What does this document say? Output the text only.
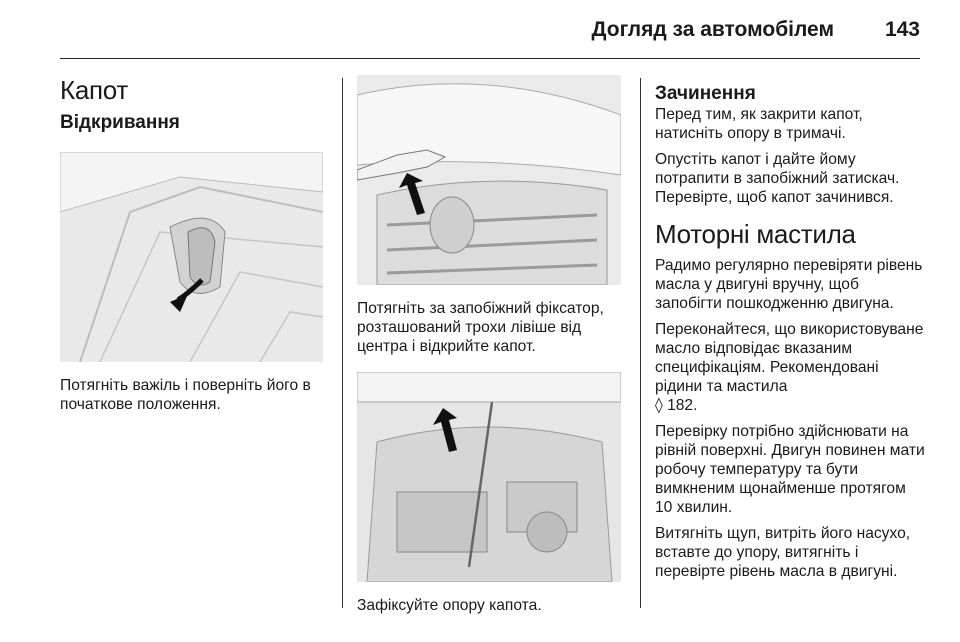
Догляд за автомобілем 143
Капот
Відкривання

Потягніть важіль і поверніть його в початкове положення.

Потягніть за запобіжний фіксатор, розташований трохи лівіше від центра і відкрийте капот.

Зафіксуйте опору капота.

Зачинення

Перед тим, як закрити капот, натисніть опору в тримачі.

Опустіть капот і дайте йому потрапити в запобіжний затискач. Перевірте, щоб капот зачинився.

Моторні мастила

Радимо регулярно перевіряти рівень масла у двигуні вручну, щоб запобігти пошкодженню двигуна.

Переконайтеся, що використовуване масло відповідає вказаним специфікаціям. Рекомендовані рідини та мастила
◊ 182.

Перевірку потрібно здійснювати на рівній поверхні. Двигун повинен мати робочу температуру та бути вимкненим щонайменше протягом 10 хвилин.

Витягніть щуп, витріть його насухо, вставте до упору, витягніть і перевірте рівень масла в двигуні.
